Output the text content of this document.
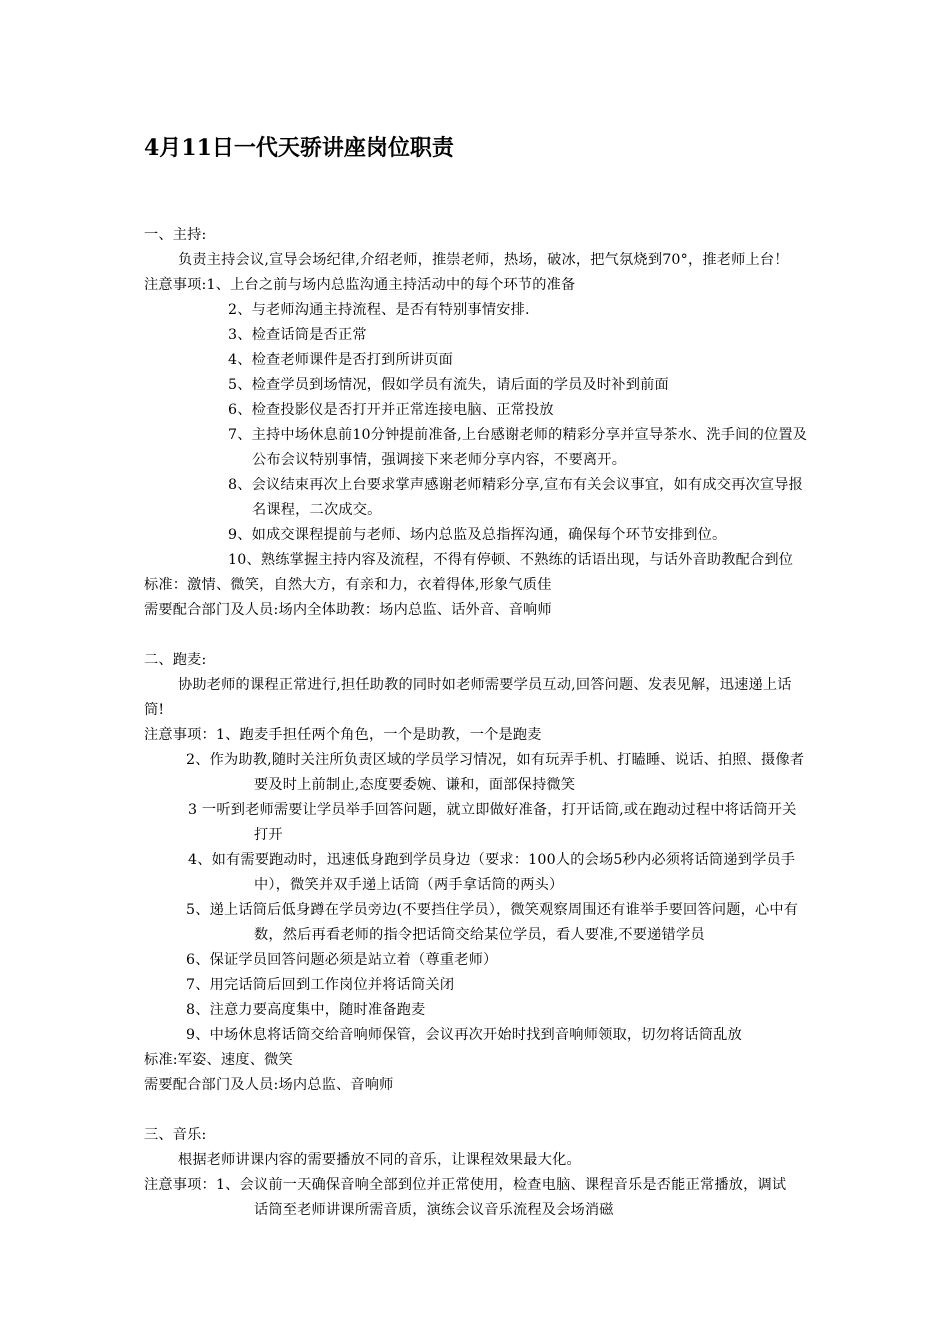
4月11日一代天骄讲座岗位职责
一、主持:
负责主持会议,宣导会场纪律,介绍老师，推崇老师，热场，破冰，把气氛烧到70°，推老师上台！
注意事项:1、上台之前与场内总监沟通主持活动中的每个环节的准备
2、与老师沟通主持流程、是否有特别事情安排.
3、检查话筒是否正常
4、检查老师课件是否打到所讲页面
5、检查学员到场情况，假如学员有流失，请后面的学员及时补到前面
6、检查投影仪是否打开并正常连接电脑、正常投放
7、主持中场休息前10分钟提前准备,上台感谢老师的精彩分享并宣导茶水、洗手间的位置及
公布会议特别事情，强调接下来老师分享内容，不要离开。
8、会议结束再次上台要求掌声感谢老师精彩分享,宣布有关会议事宜，如有成交再次宣导报
名课程，二次成交。
9、如成交课程提前与老师、场内总监及总指挥沟通，确保每个环节安排到位。
10、熟练掌握主持内容及流程，不得有停顿、不熟练的话语出现，与话外音助教配合到位
标准：激情、微笑，自然大方，有亲和力，衣着得体,形象气质佳
需要配合部门及人员:场内全体助教：场内总监、话外音、音响师
二、跑麦:
协助老师的课程正常进行,担任助教的同时如老师需要学员互动,回答问题、发表见解，迅速递上话
筒!
注意事项：1、跑麦手担任两个角色，一个是助教，一个是跑麦
2、作为助教,随时关注所负责区域的学员学习情况，如有玩弄手机、打瞌睡、说话、拍照、摄像者
要及时上前制止,态度要委婉、谦和，面部保持微笑
3 一听到老师需要让学员举手回答问题，就立即做好准备，打开话筒,或在跑动过程中将话筒开关
打开
4、如有需要跑动时，迅速低身跑到学员身边（要求：100人的会场5秒内必须将话筒递到学员手
中），微笑并双手递上话筒（两手拿话筒的两头）
5、递上话筒后低身蹲在学员旁边(不要挡住学员），微笑观察周围还有谁举手要回答问题，心中有
数，然后再看老师的指令把话筒交给某位学员，看人要准,不要递错学员
6、保证学员回答问题必须是站立着（尊重老师）
7、用完话筒后回到工作岗位并将话筒关闭
8、注意力要高度集中，随时准备跑麦
9、中场休息将话筒交给音响师保管，会议再次开始时找到音响师领取，切勿将话筒乱放
标准:军姿、速度、微笑
需要配合部门及人员:场内总监、音响师
三、音乐:
根据老师讲课内容的需要播放不同的音乐，让课程效果最大化。
注意事项：1、会议前一天确保音响全部到位并正常使用，检查电脑、课程音乐是否能正常播放，调试
话筒至老师讲课所需音质，演练会议音乐流程及会场消磁
